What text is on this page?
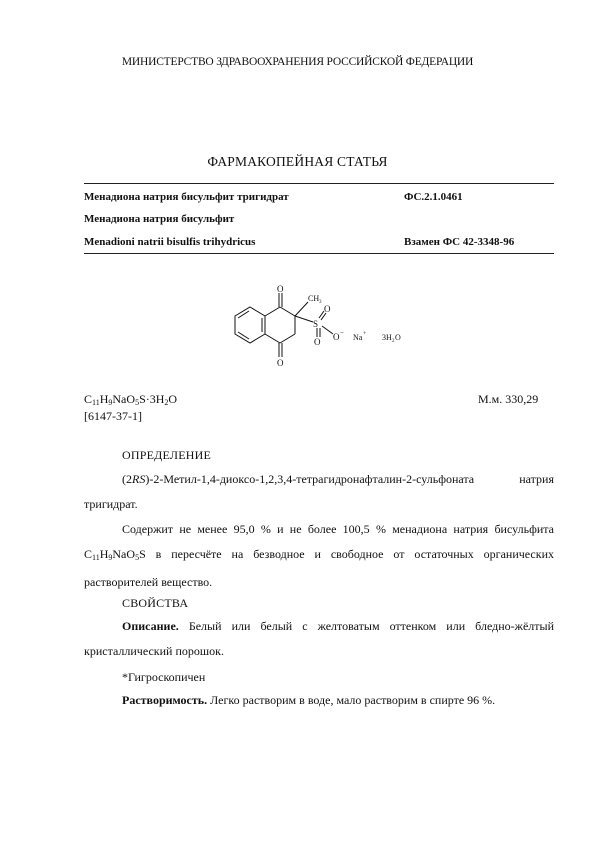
МИНИСТЕРСТВО ЗДРАВООХРАНЕНИЯ РОССИЙСКОЙ ФЕДЕРАЦИИ
ФАРМАКОПЕЙНАЯ СТАТЬЯ
Менадиона натрия бисульфит тригидрат	ФС.2.1.0461
Менадиона натрия бисульфит
Menadioni natrii bisulfis trihydricus	Взамен ФС 42-3348-96
CH 3
S
O
O O −
O
O
Na + 3H 2 O
$C_{11}H_9NaO_5S\cdot 3H_2O$	М.м. 330,29
[6147-37-1]
ОПРЕДЕЛЕНИЕ

(2RS)-2-Метил-1,4-диоксо-1,2,3,4-тетрагидронафталин-2-сульфоната натрия тригидрат.

Содержит не менее 95,0 % и не более 100,5 % менадиона натрия бисульфита $C_{11}H_9NaO_5S$ в пересчёте на безводное и свободное от остаточных органических растворителей вещество.

СВОЙСТВА

Описание. Белый или белый с желтоватым оттенком или бледно-жёлтый кристаллический порошок.

*Гигроскопичен

Растворимость. Легко растворим в воде, мало растворим в спирте 96 %.
